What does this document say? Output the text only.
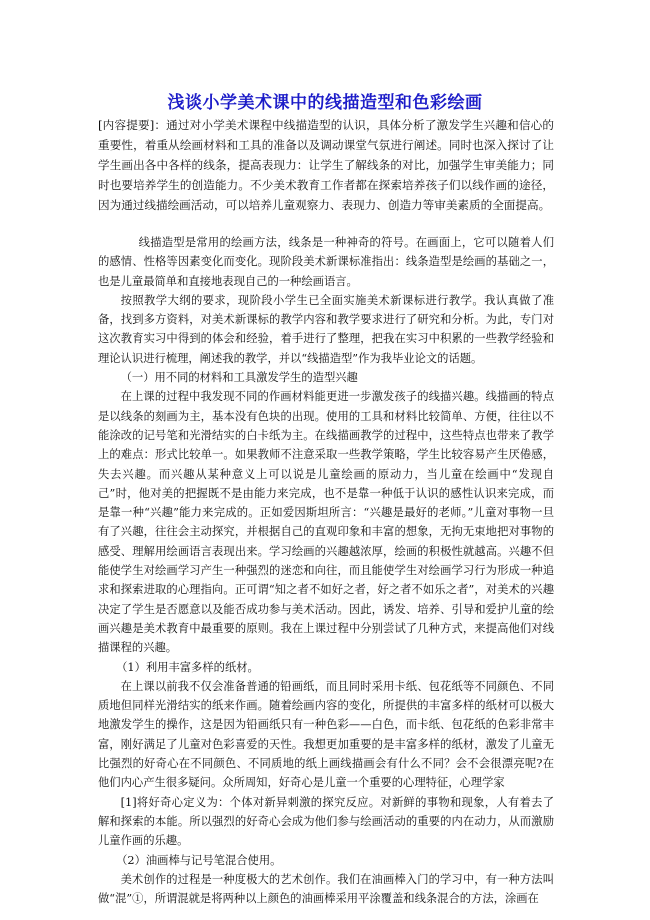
浅谈小学美术课中的线描造型和色彩绘画
[内容提要]：通过对小学美术课程中线描造型的认识，具体分析了激发学生兴趣和信心的重要性，着重从绘画材料和工具的准备以及调动课堂气氛进行阐述。同时也深入探讨了让学生画出各中各样的线条，提高表现力：让学生了解线条的对比，加强学生审美能力；同时也要培养学生的创造能力。不少美术教育工作者都在探索培养孩子们以线作画的途径，因为通过线描绘画活动，可以培养儿童观察力、表现力、创造力等审美素质的全面提高。

线描造型是常用的绘画方法，线条是一种神奇的符号。在画面上，它可以随着人们的感情、性格等因素变化而变化。现阶段美术新课标准指出：线条造型是绘画的基础之一，也是儿童最简单和直接地表现自己的一种绘画语言。

按照教学大纲的要求，现阶段小学生已全面实施美术新课标进行教学。我认真做了准备，找到多方资料，对美术新课标的教学内容和教学要求进行了研究和分析。为此，专门对这次教育实习中得到的体会和经验，着手进行了整理，把我在实习中积累的一些教学经验和理论认识进行梳理，阐述我的教学，并以“线描造型”作为我毕业论文的话题。

（一）用不同的材料和工具激发学生的造型兴趣

在上课的过程中我发现不同的作画材料能更进一步激发孩子的线描兴趣。线描画的特点是以线条的刻画为主，基本没有色块的出现。使用的工具和材料比较简单、方便，往往以不能涂改的记号笔和光滑结实的白卡纸为主。在线描画教学的过程中，这些特点也带来了教学上的难点：形式比较单一。如果教师不注意采取一些教学策略，学生比较容易产生厌倦感，失去兴趣。而兴趣从某种意义上可以说是儿童绘画的原动力，当儿童在绘画中“发现自己”时，他对美的把握既不是由能力来完成，也不是靠一种低于认识的感性认识来完成，而是靠一种“兴趣”能力来完成的。正如爱因斯坦所言：“兴趣是最好的老师。”儿童对事物一旦有了兴趣，往往会主动探究，并根据自己的直观印象和丰富的想象，无拘无束地把对事物的感受、理解用绘画语言表现出来。学习绘画的兴趣越浓厚，绘画的积极性就越高。兴趣不但能使学生对绘画学习产生一种强烈的迷恋和向往，而且能使学生对绘画学习行为形成一种追求和探索进取的心理指向。正可谓“知之者不如好之者，好之者不如乐之者”，对美术的兴趣决定了学生是否愿意以及能否成功参与美术活动。因此，诱发、培养、引导和爱护儿童的绘画兴趣是美术教育中最重要的原则。我在上课过程中分别尝试了几种方式，来提高他们对线描课程的兴趣。

（1）利用丰富多样的纸材。

在上课以前我不仅会准备普通的铅画纸，而且同时采用卡纸、包花纸等不同颜色、不同质地但同样光滑结实的纸来作画。随着绘画内容的变化，所提供的丰富多样的纸材可以极大地激发学生的操作，这是因为铅画纸只有一种色彩——白色，而卡纸、包花纸的色彩非常丰富，刚好满足了儿童对色彩喜爱的天性。我想更加重要的是丰富多样的纸材，激发了儿童无比强烈的好奇心在不同颜色、不同质地的纸上画线描画会有什么不同？会不会很漂亮呢?在他们内心产生很多疑问。众所周知，好奇心是儿童一个重要的心理特征，心理学家

[1]将好奇心定义为：个体对新异刺激的探究反应。对新鲜的事物和现象，人有着去了解和探索的本能。所以强烈的好奇心会成为他们参与绘画活动的重要的内在动力，从而激励儿童作画的乐趣。

（2）油画棒与记号笔混合使用。

美术创作的过程是一种度极大的艺术创作。我们在油画棒入门的学习中，有一种方法叫做“混”①，所谓混就是将两种以上颜色的油画棒采用平涂覆盖和线条混合的方法，涂画在
